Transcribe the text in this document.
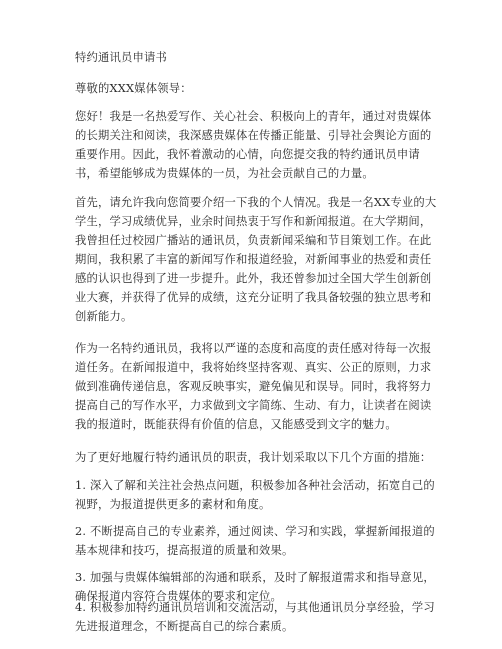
特约通讯员申请书

尊敬的XXX媒体领导：

您好！我是一名热爱写作、关心社会、积极向上的青年，通过对贵媒体的长期关注和阅读，我深感贵媒体在传播正能量、引导社会舆论方面的重要作用。因此，我怀着激动的心情，向您提交我的特约通讯员申请书，希望能够成为贵媒体的一员，为社会贡献自己的力量。

首先，请允许我向您简要介绍一下我的个人情况。我是一名XX专业的大学生，学习成绩优异，业余时间热衷于写作和新闻报道。在大学期间，我曾担任过校园广播站的通讯员，负责新闻采编和节目策划工作。在此期间，我积累了丰富的新闻写作和报道经验，对新闻事业的热爱和责任感的认识也得到了进一步提升。此外，我还曾参加过全国大学生创新创业大赛，并获得了优异的成绩，这充分证明了我具备较强的独立思考和创新能力。

作为一名特约通讯员，我将以严谨的态度和高度的责任感对待每一次报道任务。在新闻报道中，我将始终坚持客观、真实、公正的原则，力求做到准确传递信息，客观反映事实，避免偏见和误导。同时，我将努力提高自己的写作水平，力求做到文字简练、生动、有力，让读者在阅读我的报道时，既能获得有价值的信息，又能感受到文字的魅力。

为了更好地履行特约通讯员的职责，我计划采取以下几个方面的措施：

1. 深入了解和关注社会热点问题，积极参加各种社会活动，拓宽自己的视野，为报道提供更多的素材和角度。

2. 不断提高自己的专业素养，通过阅读、学习和实践，掌握新闻报道的基本规律和技巧，提高报道的质量和效果。

3. 加强与贵媒体编辑部的沟通和联系，及时了解报道需求和指导意见，确保报道内容符合贵媒体的要求和定位。

4. 积极参加特约通讯员培训和交流活动，与其他通讯员分享经验，学习先进报道理念，不断提高自己的综合素质。
